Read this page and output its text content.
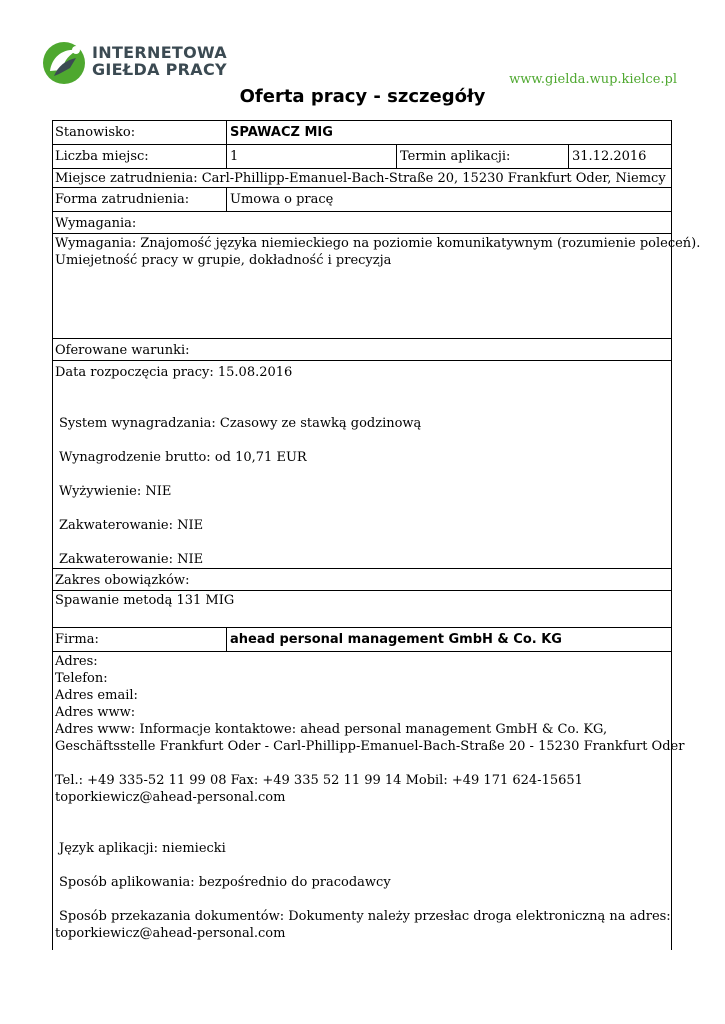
INTERNETOWA
GIEŁDA PRACY
www.gielda.wup.kielce.pl
Oferta pracy - szczegóły
Stanowisko:	SPAWACZ MIG
Liczba miejsc:	1	Termin aplikacji:	31.12.2016
Miejsce zatrudnienia: Carl-Phillipp-Emanuel-Bach-Straße 20, 15230 Frankfurt Oder, Niemcy
Forma zatrudnienia:	Umowa o pracę
Wymagania:
Wymagania: Znajomość języka niemieckiego na poziomie komunikatywnym (rozumienie poleceń).
Umiejetność pracy w grupie, dokładność i precyzja
Oferowane warunki:
Data rozpoczęcia pracy: 15.08.2016
System wynagradzania: Czasowy ze stawką godzinową
Wynagrodzenie brutto: od 10,71 EUR
Wyżywienie: NIE
Zakwaterowanie: NIE
Zakwaterowanie: NIE
Zakres obowiązków:
Spawanie metodą 131 MIG
Firma:	ahead personal management GmbH & Co. KG
Adres:
Telefon:
Adres email:
Adres www:
Adres www: Informacje kontaktowe: ahead personal management GmbH & Co. KG,
Geschäftsstelle Frankfurt Oder - Carl-Phillipp-Emanuel-Bach-Straße 20 - 15230 Frankfurt Oder
Tel.: +49 335-52 11 99 08 Fax: +49 335 52 11 99 14 Mobil: +49 171 624-15651
toporkiewicz@ahead-personal.com
Język aplikacji: niemiecki
Sposób aplikowania: bezpośrednio do pracodawcy
Sposób przekazania dokumentów: Dokumenty należy przesłac droga elektroniczną na adres:
toporkiewicz@ahead-personal.com
